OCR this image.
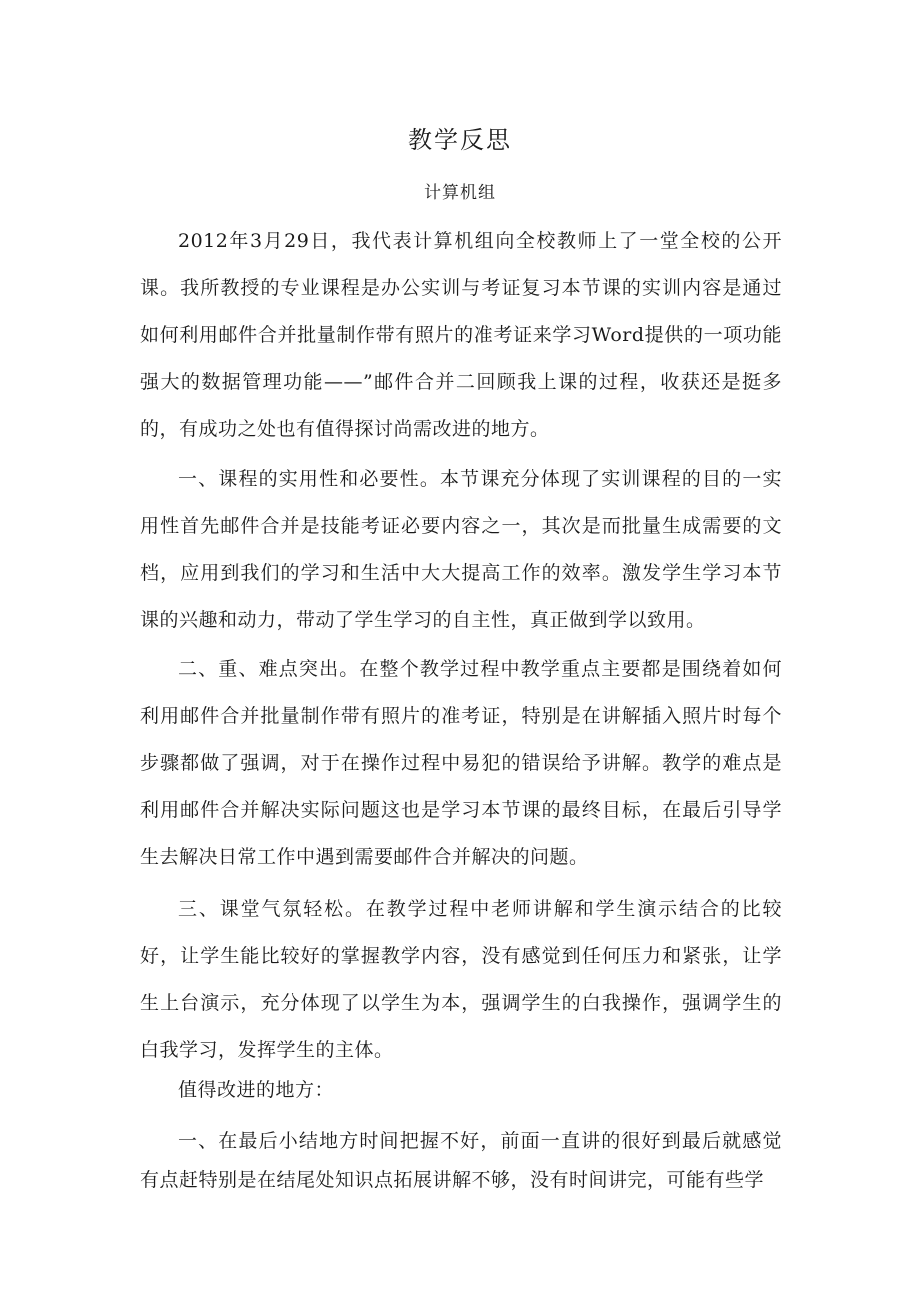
教学反思
计算机组

2012年3月29日，我代表计算机组向全校教师上了一堂全校的公开课。我所教授的专业课程是办公实训与考证复习本节课的实训内容是通过如何利用邮件合并批量制作带有照片的准考证来学习Word提供的一项功能强大的数据管理功能——”邮件合并二回顾我上课的过程，收获还是挺多的，有成功之处也有值得探讨尚需改进的地方。

一、课程的实用性和必要性。本节课充分体现了实训课程的目的一实用性首先邮件合并是技能考证必要内容之一，其次是而批量生成需要的文档，应用到我们的学习和生活中大大提高工作的效率。激发学生学习本节课的兴趣和动力，带动了学生学习的自主性，真正做到学以致用。

二、重、难点突出。在整个教学过程中教学重点主要都是围绕着如何利用邮件合并批量制作带有照片的准考证，特别是在讲解插入照片时每个步骤都做了强调，对于在操作过程中易犯的错误给予讲解。教学的难点是利用邮件合并解决实际问题这也是学习本节课的最终目标，在最后引导学生去解决日常工作中遇到需要邮件合并解决的问题。

三、课堂气氛轻松。在教学过程中老师讲解和学生演示结合的比较好，让学生能比较好的掌握教学内容，没有感觉到任何压力和紧张，让学生上台演示，充分体现了以学生为本，强调学生的白我操作，强调学生的白我学习，发挥学生的主体。

值得改进的地方：

一、在最后小结地方时间把握不好，前面一直讲的很好到最后就感觉有点赶特别是在结尾处知识点拓展讲解不够，没有时间讲完，可能有些学
